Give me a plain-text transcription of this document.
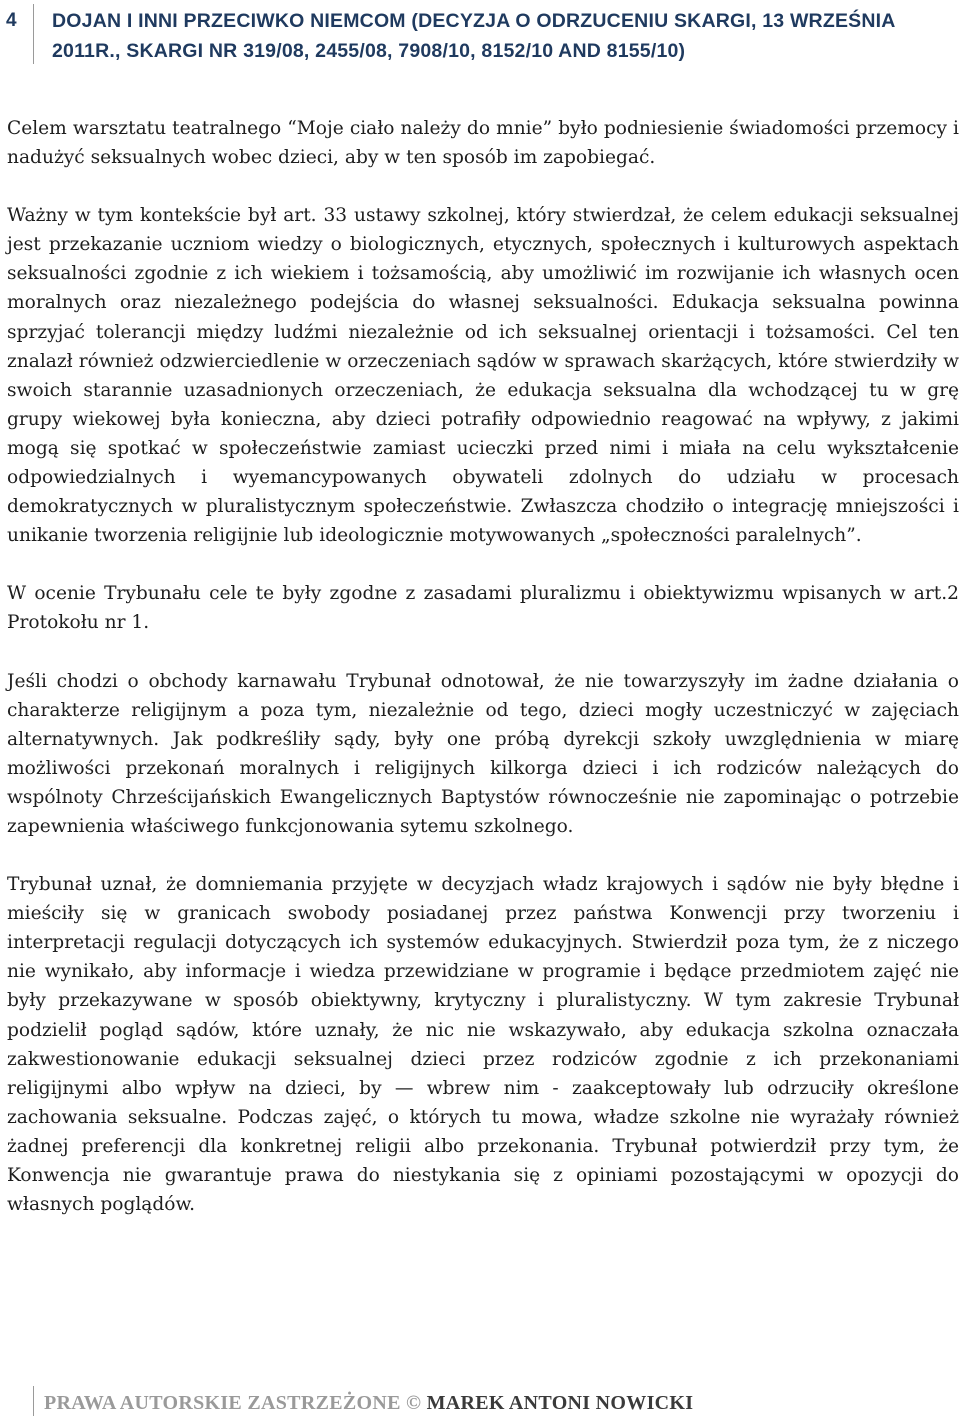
4	DOJAN I INNI PRZECIWKO NIEMCOM (DECYZJA O ODRZUCENIU SKARGI, 13 WRZEŚNIA 2011R., SKARGI NR 319/08, 2455/08, 7908/10, 8152/10 AND 8155/10)

Celem warsztatu teatralnego “Moje ciało należy do mnie” było podniesienie świadomości przemocy i nadużyć seksualnych wobec dzieci, aby w ten sposób im zapobiegać.

Ważny w tym kontekście był art. 33 ustawy szkolnej, który stwierdzał, że celem edukacji seksualnej jest przekazanie uczniom wiedzy o biologicznych, etycznych, społecznych i kulturowych aspektach seksualności zgodnie z ich wiekiem i tożsamością, aby umożliwić im rozwijanie ich własnych ocen moralnych oraz niezależnego podejścia do własnej seksualności. Edukacja seksualna powinna sprzyjać tolerancji między ludźmi niezależnie od ich seksualnej orientacji i tożsamości. Cel ten znalazł również odzwierciedlenie w orzeczeniach sądów w sprawach skarżących, które stwierdziły w swoich starannie uzasadnionych orzeczeniach, że edukacja seksualna dla wchodzącej tu w grę grupy wiekowej była konieczna, aby dzieci potrafiły odpowiednio reagować na wpływy, z jakimi mogą się spotkać w społeczeństwie zamiast ucieczki przed nimi i miała na celu wykształcenie odpowiedzialnych i wyemancypowanych obywateli zdolnych do udziału w procesach demokratycznych w pluralistycznym społeczeństwie. Zwłaszcza chodziło o integrację mniejszości i unikanie tworzenia religijnie lub ideologicznie motywowanych „społeczności paralelnych”.

W ocenie Trybunału cele te były zgodne z zasadami pluralizmu i obiektywizmu wpisanych w art.2 Protokołu nr 1.

Jeśli chodzi o obchody karnawału Trybunał odnotował, że nie towarzyszyły im żadne działania o charakterze religijnym a poza tym, niezależnie od tego, dzieci mogły uczestniczyć w zajęciach alternatywnych. Jak podkreśliły sądy, były one próbą dyrekcji szkoły uwzględnienia w miarę możliwości przekonań moralnych i religijnych kilkorga dzieci i ich rodziców należących do wspólnoty Chrześcijańskich Ewangelicznych Baptystów równocześnie nie zapominając o potrzebie zapewnienia właściwego funkcjonowania sytemu szkolnego.

Trybunał uznał, że domniemania przyjęte w decyzjach władz krajowych i sądów nie były błędne i mieściły się w granicach swobody posiadanej przez państwa Konwencji przy tworzeniu i interpretacji regulacji dotyczących ich systemów edukacyjnych. Stwierdził poza tym, że z niczego nie wynikało, aby informacje i wiedza przewidziane w programie i będące przedmiotem zajęć nie były przekazywane w sposób obiektywny, krytyczny i pluralistyczny. W tym zakresie Trybunał podzielił pogląd sądów, które uznały, że nic nie wskazywało, aby edukacja szkolna oznaczała zakwestionowanie edukacji seksualnej dzieci przez rodziców zgodnie z ich przekonaniami religijnymi albo wpływ na dzieci, by — wbrew nim - zaakceptowały lub odrzuciły określone zachowania seksualne. Podczas zajęć, o których tu mowa, władze szkolne nie wyrażały również żadnej preferencji dla konkretnej religii albo przekonania. Trybunał potwierdził przy tym, że Konwencja nie gwarantuje prawa do niestykania się z opiniami pozostającymi w opozycji do własnych poglądów.

PRAWA AUTORSKIE ZASTRZEŻONE © MAREK ANTONI NOWICKI
